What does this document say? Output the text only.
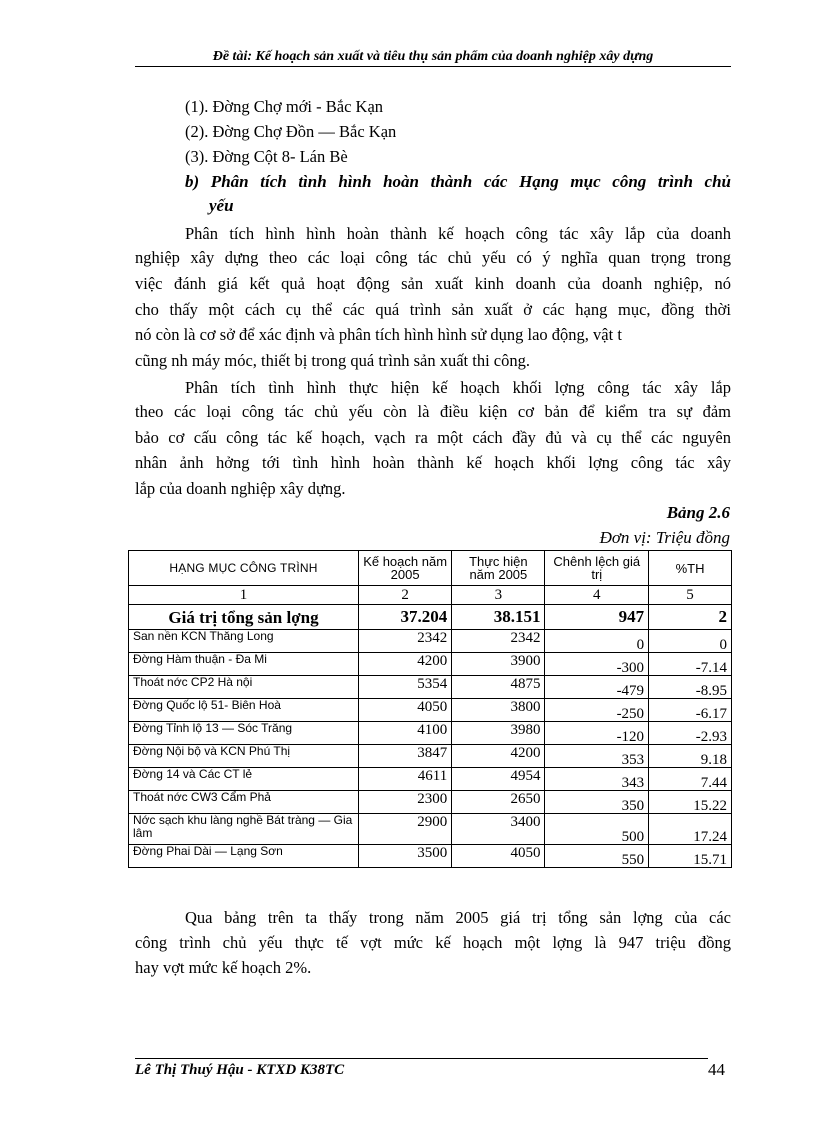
Đề tài: Kế hoạch sản xuất và tiêu thụ sản phẩm của doanh nghiệp xây dựng
(1). Đờng Chợ mới - Bắc Kạn
(2). Đờng Chợ Đồn — Bắc Kạn
(3). Đờng Cột 8- Lán Bè
b) Phân tích tình hình hoàn thành các Hạng mục công trình chủ
yếu
Phân tích hình hình hoàn thành kế hoạch công tác xây lắp của doanh
nghiệp xây dựng theo các loại công tác chủ yếu có ý nghĩa quan trọng trong
việc đánh giá kết quả hoạt động sản xuất kinh doanh của doanh nghiệp, nó
cho thấy một cách cụ thể các quá trình sản xuất ở các hạng mục, đồng thời
nó còn là cơ sở để xác định và phân tích hình hình sử dụng lao động, vật t
cũng nh máy móc, thiết bị trong quá trình sản xuất thi công.
Phân tích tình hình thực hiện kế hoạch khối lợng công tác xây lắp
theo các loại công tác chủ yếu còn là điều kiện cơ bản để kiểm tra sự đảm
bảo cơ cấu công tác kế hoạch, vạch ra một cách đầy đủ và cụ thể các nguyên
nhân ảnh hởng tới tình hình hoàn thành kế hoạch khối lợng công tác xây
lắp của doanh nghiệp xây dựng.
Bảng 2.6
Đơn vị: Triệu đồng
HẠNG MỤC CÔNG TRÌNH	Kế hoạch năm 2005	Thực hiện năm 2005	Chênh lệch giá trị	%TH
1	2	3	4	5
Giá trị tổng sản lợng	37.204	38.151	947	2
San nền KCN Thăng Long	2342	2342	0	0
Đờng Hàm thuận - Đa Mi	4200	3900	-300	-7.14
Thoát nớc CP2 Hà nội	5354	4875	-479	-8.95
Đờng Quốc lộ 51- Biên Hoà	4050	3800	-250	-6.17
Đờng Tỉnh lộ 13 — Sóc Trăng	4100	3980	-120	-2.93
Đờng Nội bộ và KCN Phú Thị	3847	4200	353	9.18
Đờng 14 và Các CT lẻ	4611	4954	343	7.44
Thoát nớc CW3 Cẩm Phả	2300	2650	350	15.22
Nớc sạch khu làng nghề Bát tràng — Gia lâm	2900	3400	500	17.24
Đờng Phai Dài — Lạng Sơn	3500	4050	550	15.71
Qua bảng trên ta thấy trong năm 2005 giá trị tổng sản lợng của các
công trình chủ yếu thực tế vợt mức kế hoạch một lợng là 947 triệu đồng
hay vợt mức kế hoạch 2%.
Lê Thị Thuý Hậu - KTXD K38TC	44
